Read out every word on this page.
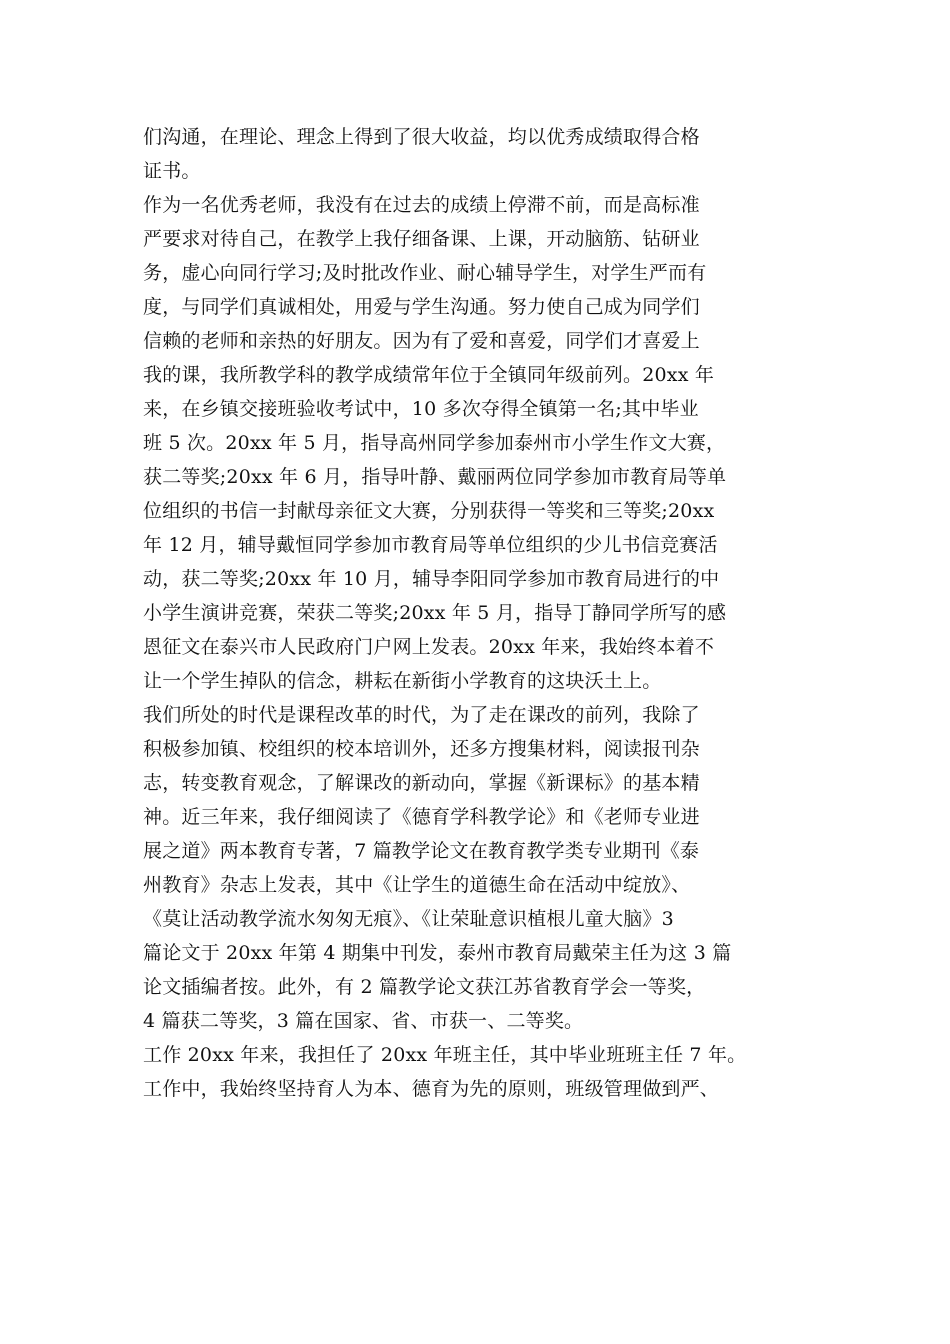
们沟通，在理论、理念上得到了很大收益，均以优秀成绩取得合格
证书。
作为一名优秀老师，我没有在过去的成绩上停滞不前，而是高标准
严要求对待自己，在教学上我仔细备课、上课，开动脑筋、钻研业
务，虚心向同行学习;及时批改作业、耐心辅导学生，对学生严而有
度，与同学们真诚相处，用爱与学生沟通。努力使自己成为同学们
信赖的老师和亲热的好朋友。因为有了爱和喜爱，同学们才喜爱上
我的课，我所教学科的教学成绩常年位于全镇同年级前列。20xx 年
来，在乡镇交接班验收考试中，10 多次夺得全镇第一名;其中毕业
班 5 次。20xx 年 5 月，指导高州同学参加泰州市小学生作文大赛，
获二等奖;20xx 年 6 月，指导叶静、戴丽两位同学参加市教育局等单
位组织的书信一封献母亲征文大赛，分别获得一等奖和三等奖;20xx
年 12 月，辅导戴恒同学参加市教育局等单位组织的少儿书信竞赛活
动，获二等奖;20xx 年 10 月，辅导李阳同学参加市教育局进行的中
小学生演讲竞赛，荣获二等奖;20xx 年 5 月，指导丁静同学所写的感
恩征文在泰兴市人民政府门户网上发表。20xx 年来，我始终本着不
让一个学生掉队的信念，耕耘在新街小学教育的这块沃土上。
我们所处的时代是课程改革的时代，为了走在课改的前列，我除了
积极参加镇、校组织的校本培训外，还多方搜集材料，阅读报刊杂
志，转变教育观念，了解课改的新动向，掌握《新课标》的基本精
神。近三年来，我仔细阅读了《德育学科教学论》和《老师专业进
展之道》两本教育专著，7 篇教学论文在教育教学类专业期刊《泰
州教育》杂志上发表，其中《让学生的道德生命在活动中绽放》、
《莫让活动教学流水匆匆无痕》、《让荣耻意识植根儿童大脑》3
篇论文于 20xx 年第 4 期集中刊发，泰州市教育局戴荣主任为这 3 篇
论文插编者按。此外，有 2 篇教学论文获江苏省教育学会一等奖，
4 篇获二等奖，3 篇在国家、省、市获一、二等奖。
工作 20xx 年来，我担任了 20xx 年班主任，其中毕业班班主任 7 年。
工作中，我始终坚持育人为本、德育为先的原则，班级管理做到严、
